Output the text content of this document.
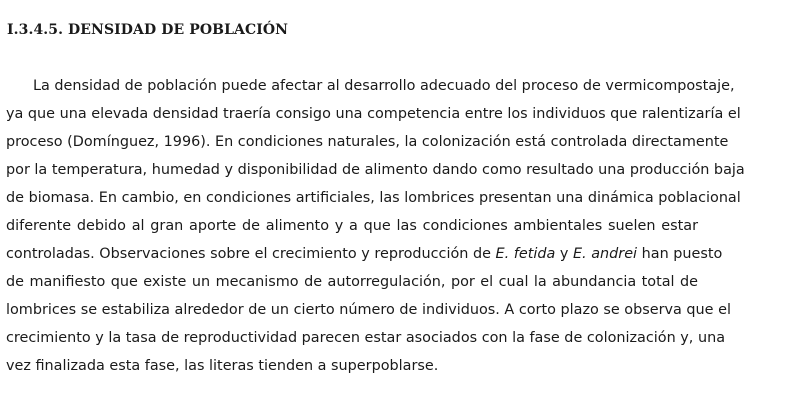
I.3.4.5. DENSIDAD DE POBLACIÓN
La densidad de población puede afectar al desarrollo adecuado del proceso de vermicompostaje,
ya que una elevada densidad traería consigo una competencia entre los individuos que ralentizaría el
proceso (Domínguez, 1996). En condiciones naturales, la colonización está controlada directamente
por la temperatura, humedad y disponibilidad de alimento dando como resultado una producción baja
de biomasa. En cambio, en condiciones artificiales, las lombrices presentan una dinámica poblacional
diferente debido al gran aporte de alimento y a que las condiciones ambientales suelen estar
controladas. Observaciones sobre el crecimiento y reproducción de E. fetida y E. andrei han puesto
de manifiesto que existe un mecanismo de autorregulación, por el cual la abundancia total de
lombrices se estabiliza alrededor de un cierto número de individuos. A corto plazo se observa que el
crecimiento y la tasa de reproductividad parecen estar asociados con la fase de colonización y, una
vez finalizada esta fase, las literas tienden a superpoblarse.
